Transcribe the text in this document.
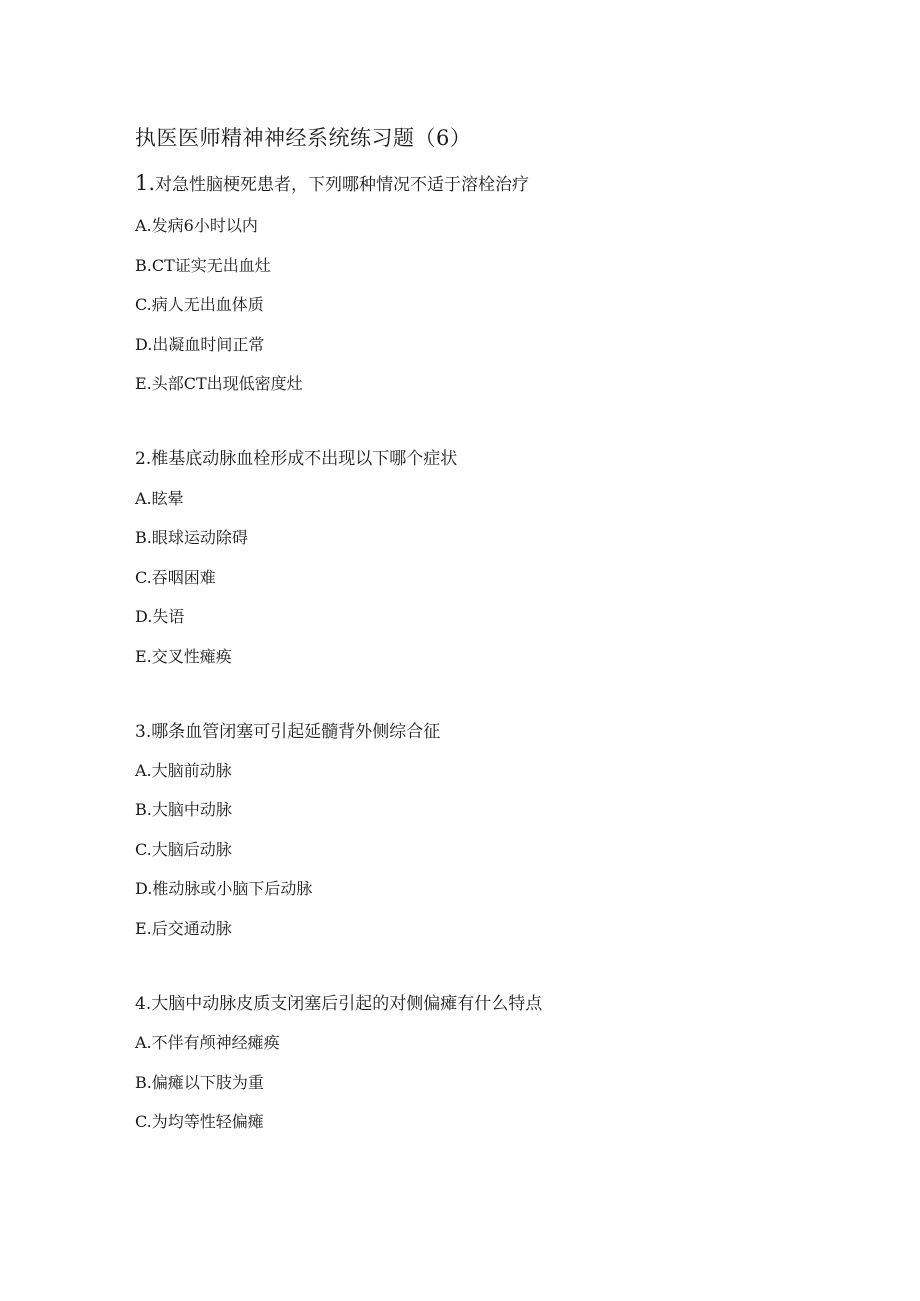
执医医师精神神经系统练习题（6）
1.对急性脑梗死患者，下列哪种情况不适于溶栓治疗
A.发病6小时以内
B.CT证实无出血灶
C.病人无出血体质
D.出凝血时间正常
E.头部CT出现低密度灶
2.椎基底动脉血栓形成不出现以下哪个症状
A.眩晕
B.眼球运动除碍
C.吞咽困难
D.失语
E.交叉性瘫痪
3.哪条血管闭塞可引起延髓背外侧综合征
A.大脑前动脉
B.大脑中动脉
C.大脑后动脉
D.椎动脉或小脑下后动脉
E.后交通动脉
4.大脑中动脉皮质支闭塞后引起的对侧偏瘫有什么特点
A.不伴有颅神经瘫痪
B.偏瘫以下肢为重
C.为均等性轻偏瘫
